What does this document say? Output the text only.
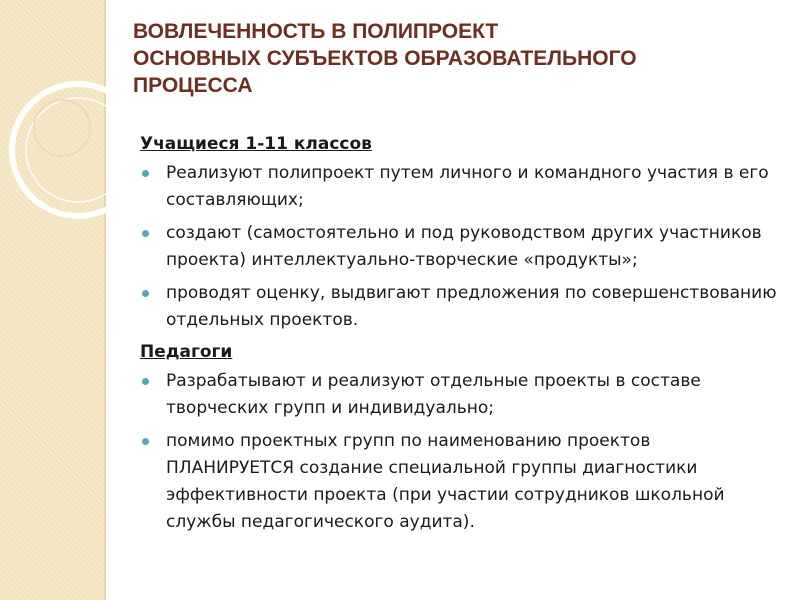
ВОВЛЕЧЕННОСТЬ В ПОЛИПРОЕКТ
ОСНОВНЫХ СУБЪЕКТОВ ОБРАЗОВАТЕЛЬНОГО
ПРОЦЕССА

Учащиеся 1-11 классов

Реализуют полипроект путем личного и командного участия в его составляющих;
создают (самостоятельно и под руководством других участников проекта) интеллектуально-творческие «продукты»;
проводят оценку, выдвигают предложения по совершенствованию отдельных проектов.

Педагоги

Разрабатывают и реализуют отдельные проекты в составе творческих групп и индивидуально;
помимо проектных групп по наименованию проектов ПЛАНИРУЕТСЯ создание специальной группы диагностики эффективности проекта (при участии сотрудников школьной службы педагогического аудита).
